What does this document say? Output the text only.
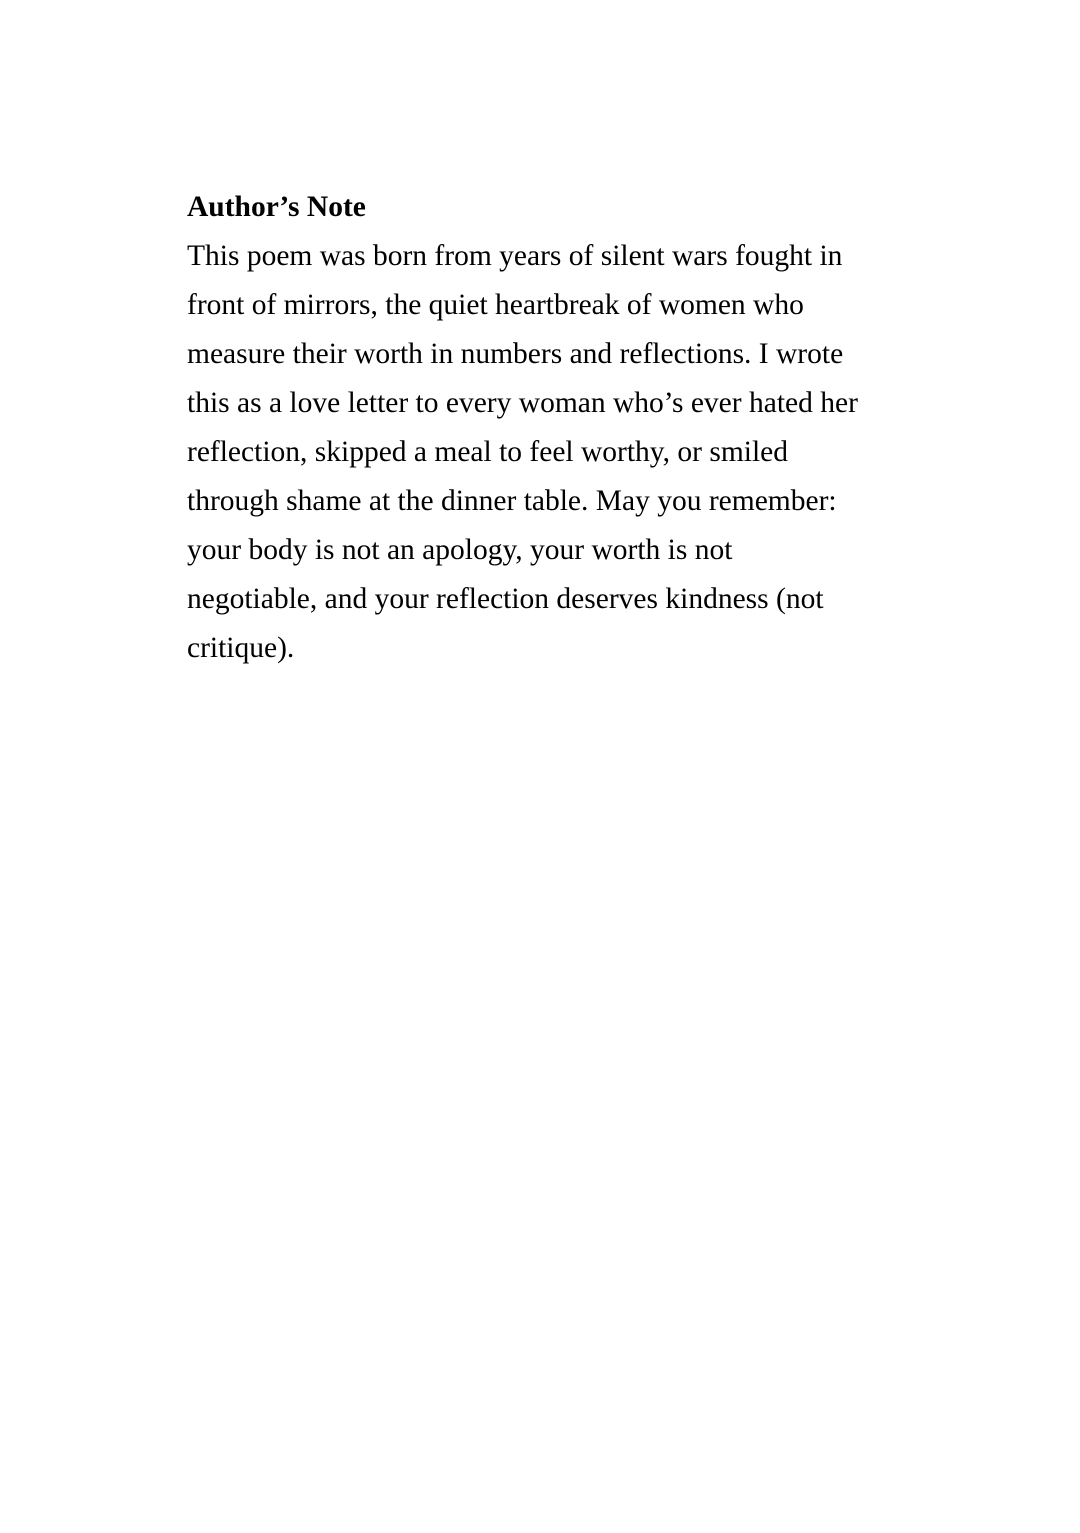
Author’s Note

This poem was born from years of silent wars fought in
front of mirrors, the quiet heartbreak of women who
measure their worth in numbers and reflections. I wrote
this as a love letter to every woman who’s ever hated her
reflection, skipped a meal to feel worthy, or smiled
through shame at the dinner table. May you remember:
your body is not an apology, your worth is not
negotiable, and your reflection deserves kindness (not
critique).
